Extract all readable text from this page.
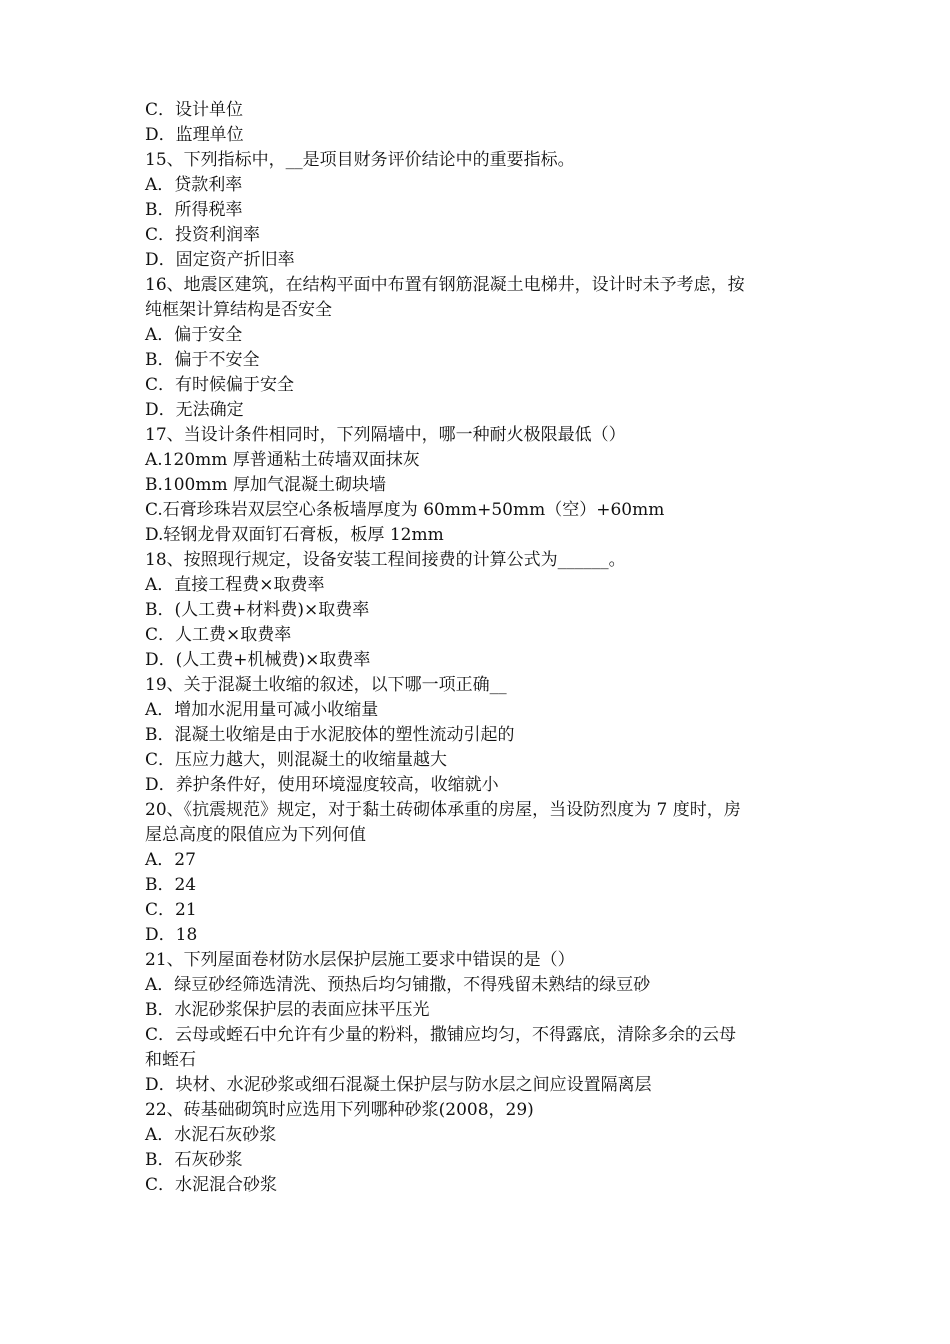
C．设计单位
D．监理单位
15、下列指标中，__是项目财务评价结论中的重要指标。
A．贷款利率
B．所得税率
C．投资利润率
D．固定资产折旧率
16、地震区建筑，在结构平面中布置有钢筋混凝土电梯井，设计时未予考虑，按
纯框架计算结构是否安全
A．偏于安全
B．偏于不安全
C．有时候偏于安全
D．无法确定
17、当设计条件相同时，下列隔墙中，哪一种耐火极限最低（）
A.120mm 厚普通粘土砖墙双面抹灰
B.100mm 厚加气混凝土砌块墙
C.石膏珍珠岩双层空心条板墙厚度为 60mm+50mm（空）+60mm
D.轻钢龙骨双面钉石膏板，板厚 12mm
18、按照现行规定，设备安装工程间接费的计算公式为______。
A．直接工程费×取费率
B．(人工费+材料费)×取费率
C．人工费×取费率
D．(人工费+机械费)×取费率
19、关于混凝土收缩的叙述，以下哪一项正确__
A．增加水泥用量可减小收缩量
B．混凝土收缩是由于水泥胶体的塑性流动引起的
C．压应力越大，则混凝土的收缩量越大
D．养护条件好，使用环境湿度较高，收缩就小
20、《抗震规范》规定，对于黏土砖砌体承重的房屋，当设防烈度为 7 度时，房
屋总高度的限值应为下列何值
A．27
B．24
C．21
D．18
21、下列屋面卷材防水层保护层施工要求中错误的是（）
A．绿豆砂经筛选清洗、预热后均匀铺撒，不得残留未熟结的绿豆砂
B．水泥砂浆保护层的表面应抹平压光
C．云母或蛭石中允许有少量的粉料，撒铺应均匀，不得露底，清除多余的云母
和蛭石
D．块材、水泥砂浆或细石混凝土保护层与防水层之间应设置隔离层
22、砖基础砌筑时应选用下列哪种砂浆(2008，29)
A．水泥石灰砂浆
B．石灰砂浆
C．水泥混合砂浆
